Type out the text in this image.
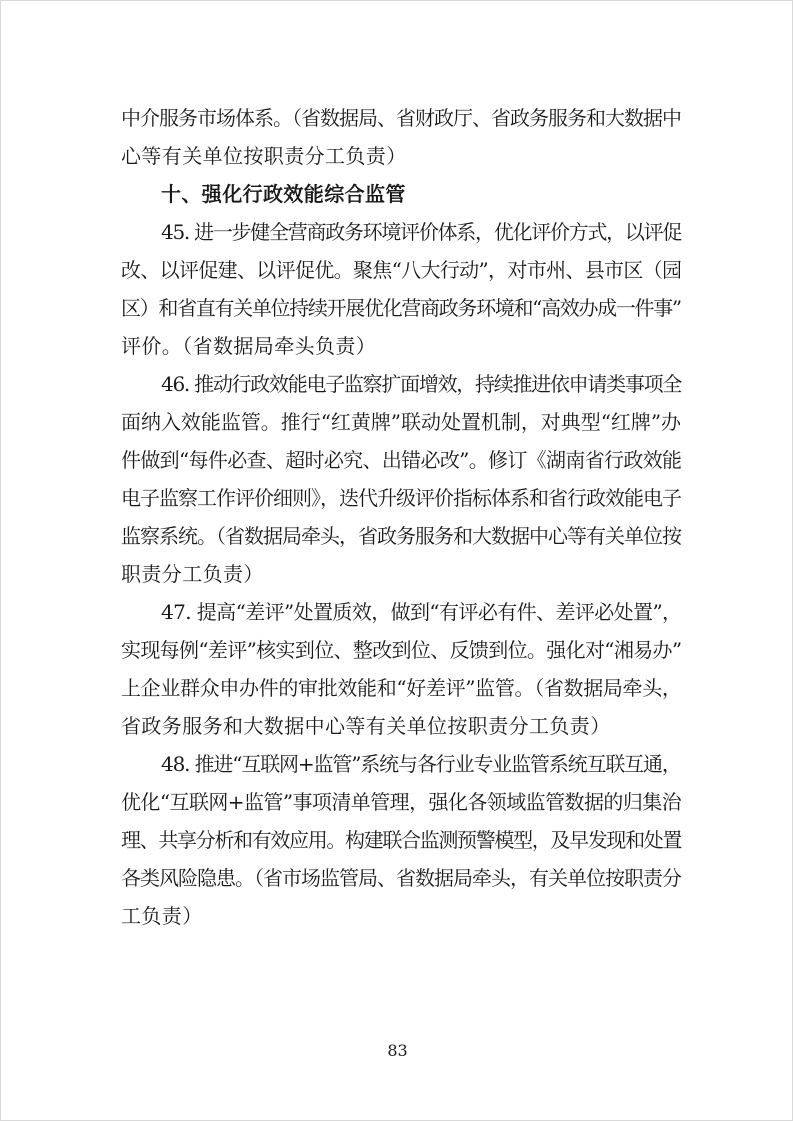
中介服务市场体系。（省数据局、省财政厅、省政务服务和大数据中
心等有关单位按职责分工负责）
十、强化行政效能综合监管
45. 进一步健全营商政务环境评价体系，优化评价方式，以评促
改、以评促建、以评促优。聚焦“八大行动”，对市州、县市区（园
区）和省直有关单位持续开展优化营商政务环境和“高效办成一件事”
评价。（省数据局牵头负责）
46. 推动行政效能电子监察扩面增效，持续推进依申请类事项全
面纳入效能监管。推行“红黄牌”联动处置机制，对典型“红牌”办
件做到“每件必查、超时必究、出错必改”。修订《湖南省行政效能
电子监察工作评价细则》，迭代升级评价指标体系和省行政效能电子
监察系统。（省数据局牵头，省政务服务和大数据中心等有关单位按
职责分工负责）
47. 提高“差评”处置质效，做到“有评必有件、差评必处置”，
实现每例“差评”核实到位、整改到位、反馈到位。强化对“湘易办”
上企业群众申办件的审批效能和“好差评”监管。（省数据局牵头，
省政务服务和大数据中心等有关单位按职责分工负责）
48. 推进“互联网+监管”系统与各行业专业监管系统互联互通，
优化“互联网+监管”事项清单管理，强化各领域监管数据的归集治
理、共享分析和有效应用。构建联合监测预警模型，及早发现和处置
各类风险隐患。（省市场监管局、省数据局牵头，有关单位按职责分
工负责）
83
